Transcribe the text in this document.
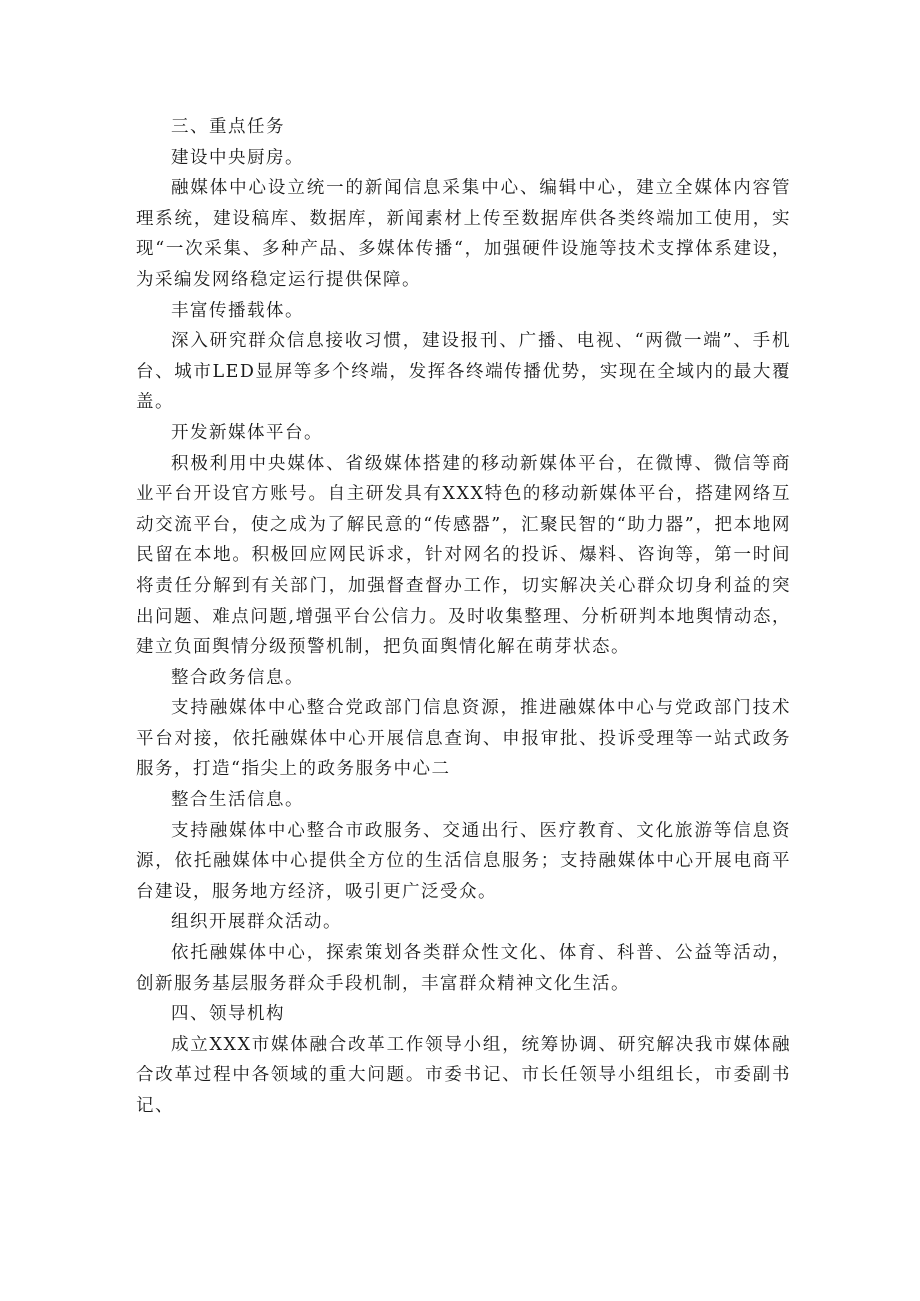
三、重点任务

建设中央厨房。

融媒体中心设立统一的新闻信息采集中心、编辑中心，建立全媒体内容管理系统，建设稿库、数据库，新闻素材上传至数据库供各类终端加工使用，实现“一次采集、多种产品、多媒体传播“，加强硬件设施等技术支撑体系建设，为采编发网络稳定运行提供保障。

丰富传播载体。

深入研究群众信息接收习惯，建设报刊、广播、电视、“两微一端”、手机台、城市LED显屏等多个终端，发挥各终端传播优势，实现在全域内的最大覆盖。

开发新媒体平台。

积极利用中央媒体、省级媒体搭建的移动新媒体平台，在微博、微信等商业平台开设官方账号。自主研发具有XXX特色的移动新媒体平台，搭建网络互动交流平台，使之成为了解民意的“传感器”，汇聚民智的“助力器”，把本地网民留在本地。积极回应网民诉求，针对网名的投诉、爆料、咨询等，第一时间将责任分解到有关部门，加强督查督办工作，切实解决关心群众切身利益的突出问题、难点问题,增强平台公信力。及时收集整理、分析研判本地舆情动态，建立负面舆情分级预警机制，把负面舆情化解在萌芽状态。

整合政务信息。

支持融媒体中心整合党政部门信息资源，推进融媒体中心与党政部门技术平台对接，依托融媒体中心开展信息查询、申报审批、投诉受理等一站式政务服务，打造“指尖上的政务服务中心二

整合生活信息。

支持融媒体中心整合市政服务、交通出行、医疗教育、文化旅游等信息资源，依托融媒体中心提供全方位的生活信息服务；支持融媒体中心开展电商平台建设，服务地方经济，吸引更广泛受众。

组织开展群众活动。

依托融媒体中心，探索策划各类群众性文化、体育、科普、公益等活动，创新服务基层服务群众手段机制，丰富群众精神文化生活。

四、领导机构

成立XXX市媒体融合改革工作领导小组，统筹协调、研究解决我市媒体融合改革过程中各领域的重大问题。市委书记、市长任领导小组组长，市委副书记、
